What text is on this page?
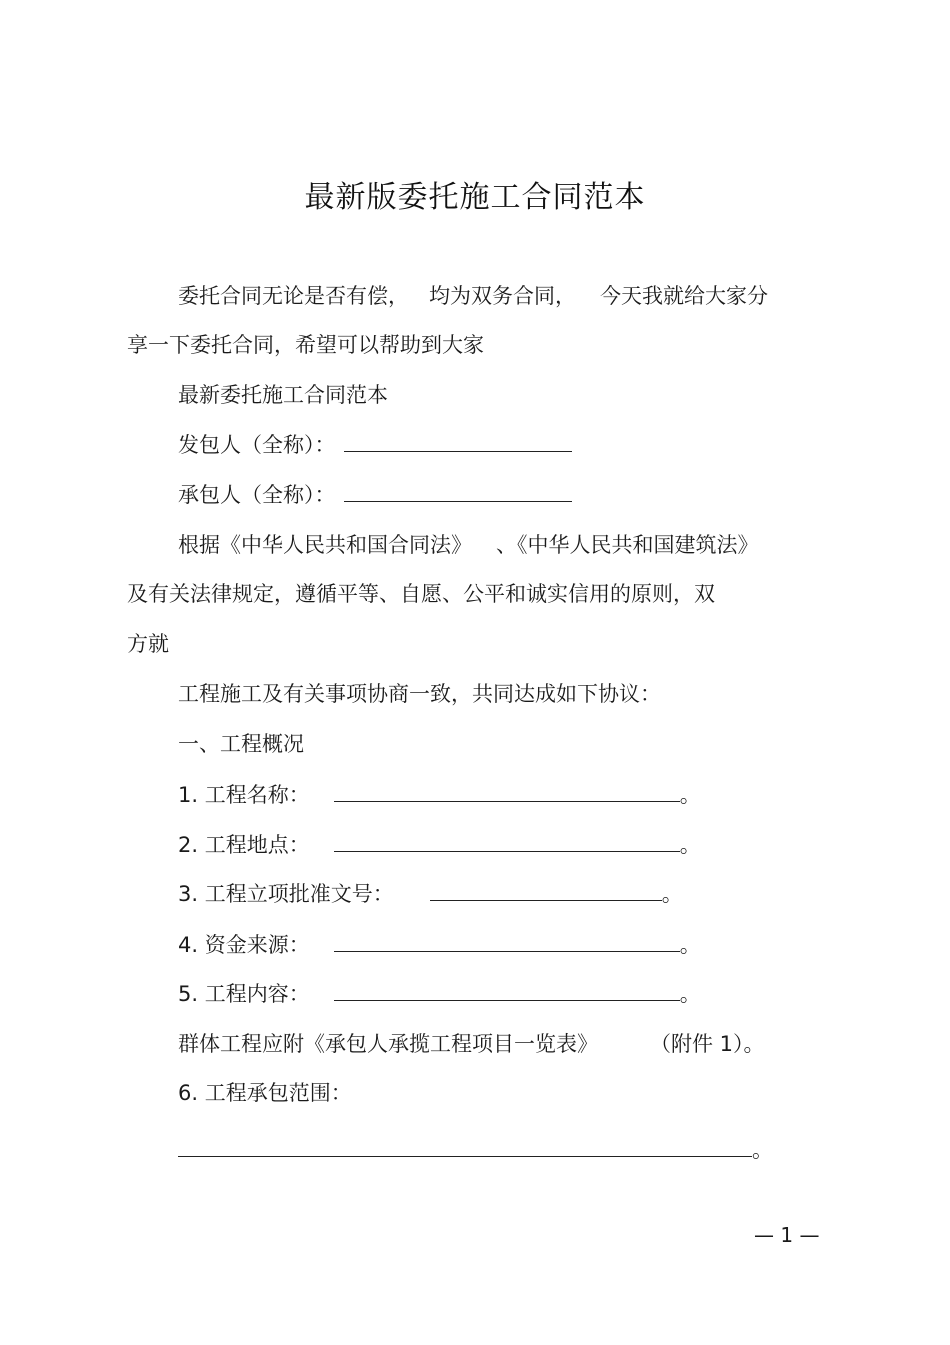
最新版委托施工合同范本
委托合同无论是否有偿， 均为双务合同， 今天我就给大家分
享一下委托合同，希望可以帮助到大家
最新委托施工合同范本
发包人（全称）：
承包人（全称）：
根据《中华人民共和国合同法》 、《中华人民共和国建筑法》
及有关法律规定，遵循平等、自愿、公平和诚实信用的原则，双
方就
工程施工及有关事项协商一致，共同达成如下协议：
一、工程概况
1. 工程名称：	。
2. 工程地点：	。
3. 工程立项批准文号：	。
4. 资金来源：	。
5. 工程内容：	。
群体工程应附《承包人承揽工程项目一览表》 （附件 1）。
6. 工程承包范围：
。
— 1 —
